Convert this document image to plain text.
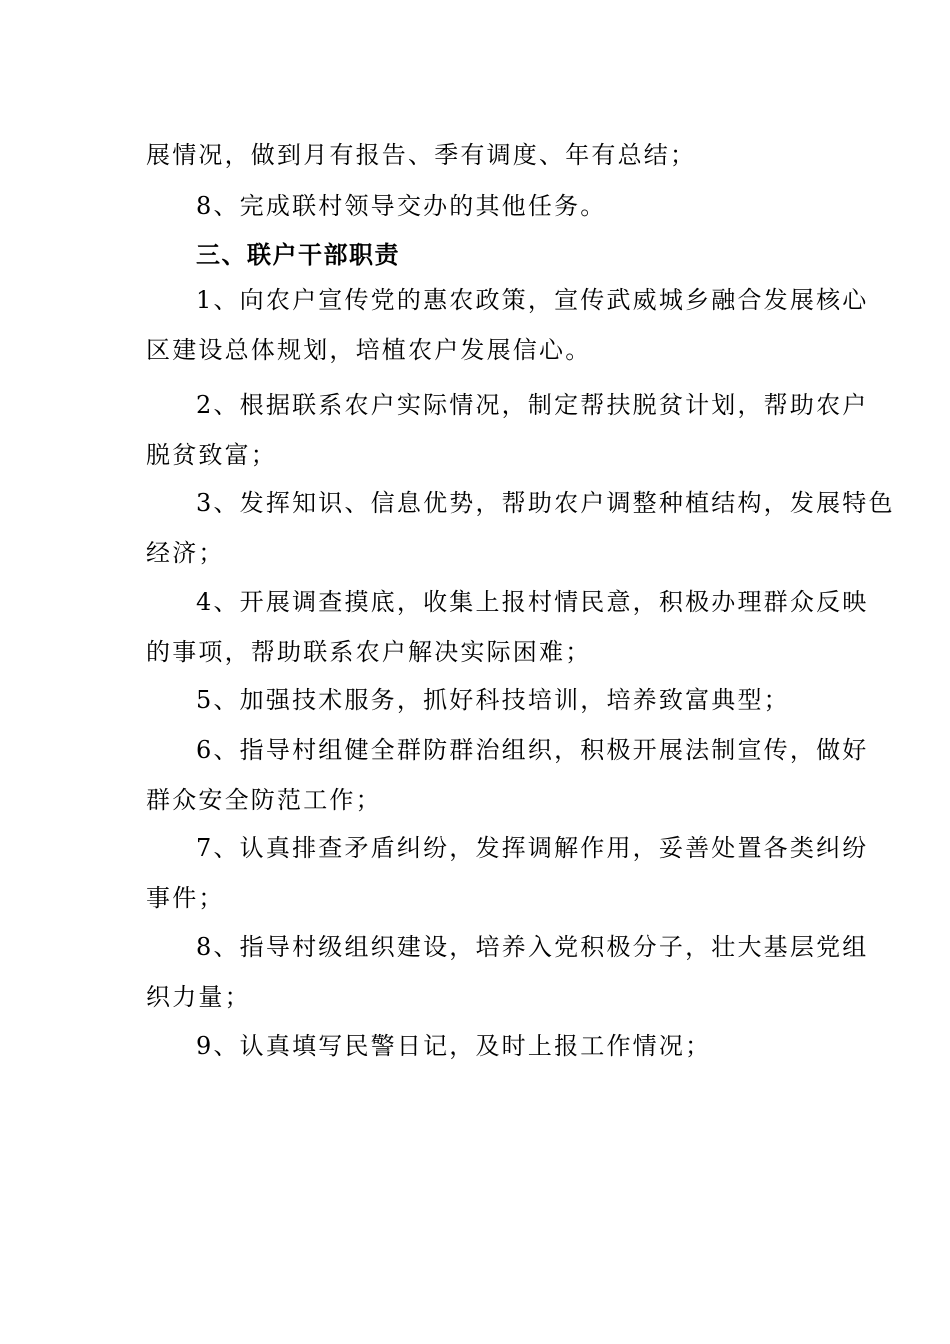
展情况，做到月有报告、季有调度、年有总结；

8、完成联村领导交办的其他任务。

三、联户干部职责

1、向农户宣传党的惠农政策，宣传武威城乡融合发展核心
区建设总体规划，培植农户发展信心。

2、根据联系农户实际情况，制定帮扶脱贫计划，帮助农户
脱贫致富；

3、发挥知识、信息优势，帮助农户调整种植结构，发展特色
经济；

4、开展调查摸底，收集上报村情民意，积极办理群众反映
的事项，帮助联系农户解决实际困难；

5、加强技术服务，抓好科技培训，培养致富典型；

6、指导村组健全群防群治组织，积极开展法制宣传，做好
群众安全防范工作；

7、认真排查矛盾纠纷，发挥调解作用，妥善处置各类纠纷
事件；

8、指导村级组织建设，培养入党积极分子，壮大基层党组
织力量；

9、认真填写民警日记，及时上报工作情况；
